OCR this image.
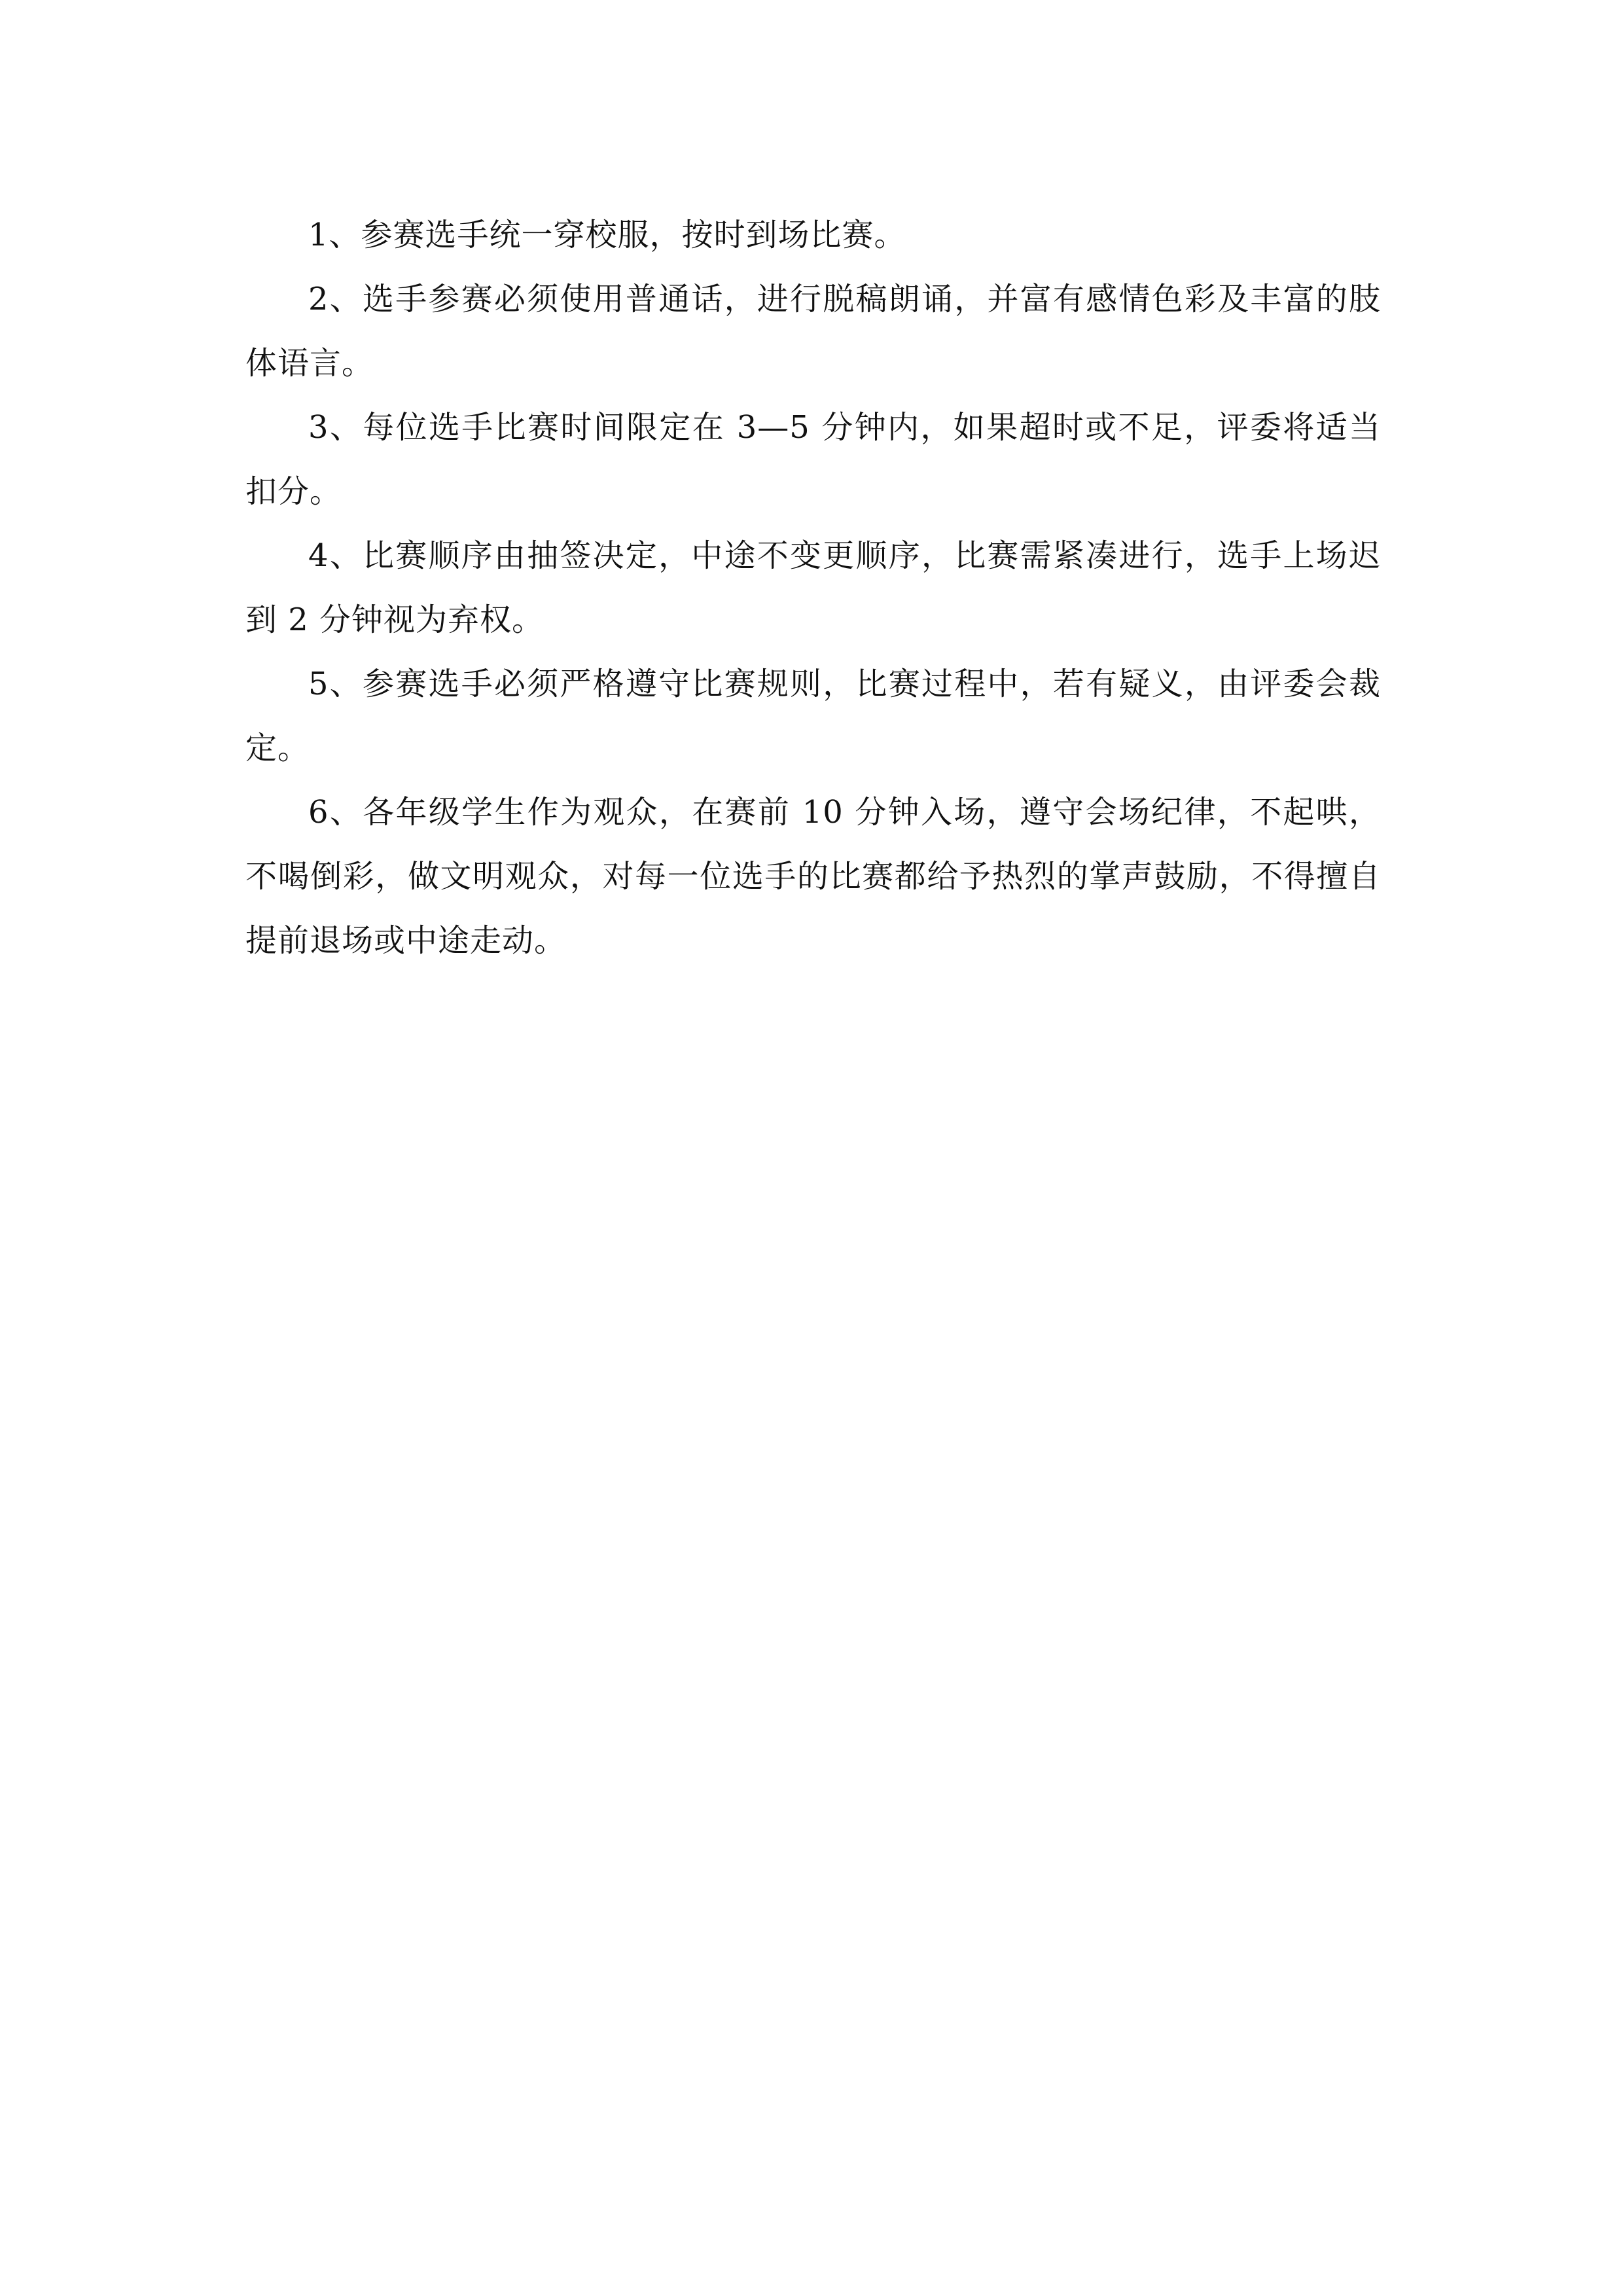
1、参赛选手统一穿校服，按时到场比赛。

2、选手参赛必须使用普通话，进行脱稿朗诵，并富有感情色彩及丰富的肢体语言。

3、每位选手比赛时间限定在 3—5 分钟内，如果超时或不足，评委将适当扣分。

4、比赛顺序由抽签决定，中途不变更顺序，比赛需紧凑进行，选手上场迟到 2 分钟视为弃权。

5、参赛选手必须严格遵守比赛规则，比赛过程中，若有疑义，由评委会裁定。

6、各年级学生作为观众，在赛前 10 分钟入场，遵守会场纪律，不起哄，不喝倒彩，做文明观众，对每一位选手的比赛都给予热烈的掌声鼓励，不得擅自提前退场或中途走动。
